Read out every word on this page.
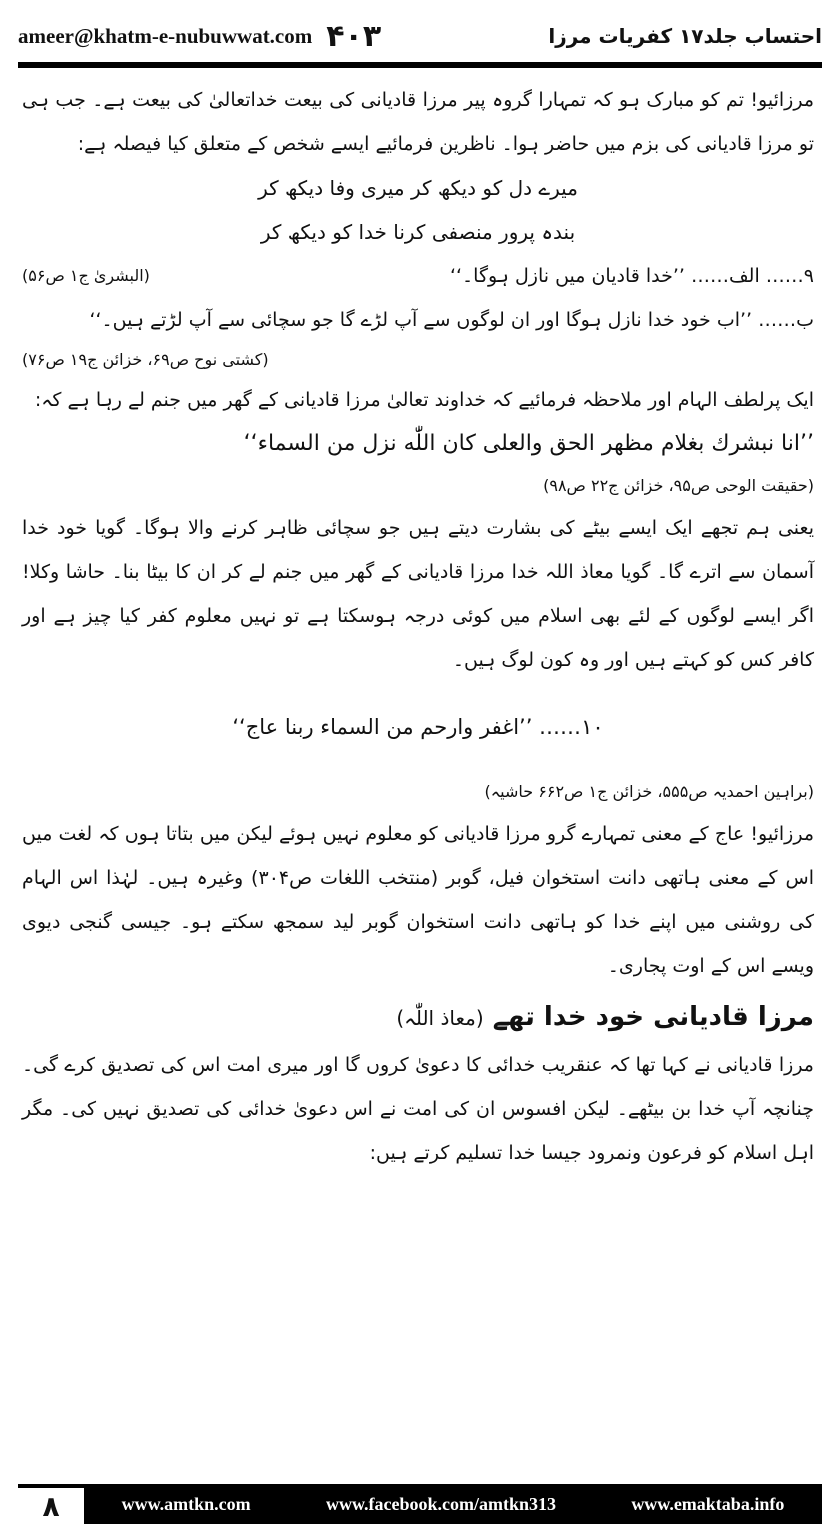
ameer@khatm-e-nubuwwat.com ۴۰۳	احتساب جلد۱۷ کفریات مرزا

مرزائیو! تم کو مبارک ہو کہ تمہارا گروہ پیر مرزا قادیانی کی بیعت خداتعالیٰ کی بیعت ہے۔ جب ہی تو مرزا قادیانی کی بزم میں حاضر ہوا۔ ناظرین فرمائیے ایسے شخص کے متعلق کیا فیصلہ ہے:

میرے دل کو دیکھ کر میری وفا دیکھ کر

بندہ پرور منصفی کرنا خدا کو دیکھ کر

۹…… الف…… ’’خدا قادیان میں نازل ہوگا۔‘‘
(البشریٰ ج۱ ص۵۶)

ب…… ’’اب خود خدا نازل ہوگا اور ان لوگوں سے آپ لڑے گا جو سچائی سے آپ لڑتے ہیں۔‘‘

(کشتی نوح ص۶۹، خزائن ج۱۹ ص۷۶)

ایک پرلطف الہام اور ملاحظہ فرمائیے کہ خداوند تعالیٰ مرزا قادیانی کے گھر میں جنم لے رہا ہے کہ:

’’انا نبشرك بغلام مظهر الحق والعلی کان اللّٰه نزل من السماء‘‘

(حقیقت الوحی ص۹۵، خزائن ج۲۲ ص۹۸)

یعنی ہم تجھے ایک ایسے بیٹے کی بشارت دیتے ہیں جو سچائی ظاہر کرنے والا ہوگا۔ گویا خود خدا آسمان سے اترے گا۔ گویا معاذ اللہ خدا مرزا قادیانی کے گھر میں جنم لے کر ان کا بیٹا بنا۔ حاشا وکلا! اگر ایسے لوگوں کے لئے بھی اسلام میں کوئی درجہ ہوسکتا ہے تو نہیں معلوم کفر کیا چیز ہے اور کافر کس کو کہتے ہیں اور وہ کون لوگ ہیں۔

۱۰…… ’’اغفر وارحم من السماء ربنا عاج‘‘

(براہین احمدیہ ص۵۵۵، خزائن ج۱ ص۶۶۲ حاشیہ)

مرزائیو! عاج کے معنی تمہارے گرو مرزا قادیانی کو معلوم نہیں ہوئے لیکن میں بتاتا ہوں کہ لغت میں اس کے معنی ہاتھی دانت استخوان فیل، گوبر (منتخب اللغات ص۳۰۴) وغیرہ ہیں۔ لہٰذا اس الہام کی روشنی میں اپنے خدا کو ہاتھی دانت استخوان گوبر لید سمجھ سکتے ہو۔ جیسی گنجی دیوی ویسے اس کے اوت پجاری۔

مرزا قادیانی خود خدا تھے (معاذ اللّٰہ)

مرزا قادیانی نے کہا تھا کہ عنقریب خدائی کا دعویٰ کروں گا اور میری امت اس کی تصدیق کرے گی۔ چنانچہ آپ خدا بن بیٹھے۔ لیکن افسوس ان کی امت نے اس دعویٰ خدائی کی تصدیق نہیں کی۔ مگر اہل اسلام کو فرعون ونمرود جیسا خدا تسلیم کرتے ہیں:

۸	www.amtkn.com	www.facebook.com/amtkn313	www.emaktaba.info
